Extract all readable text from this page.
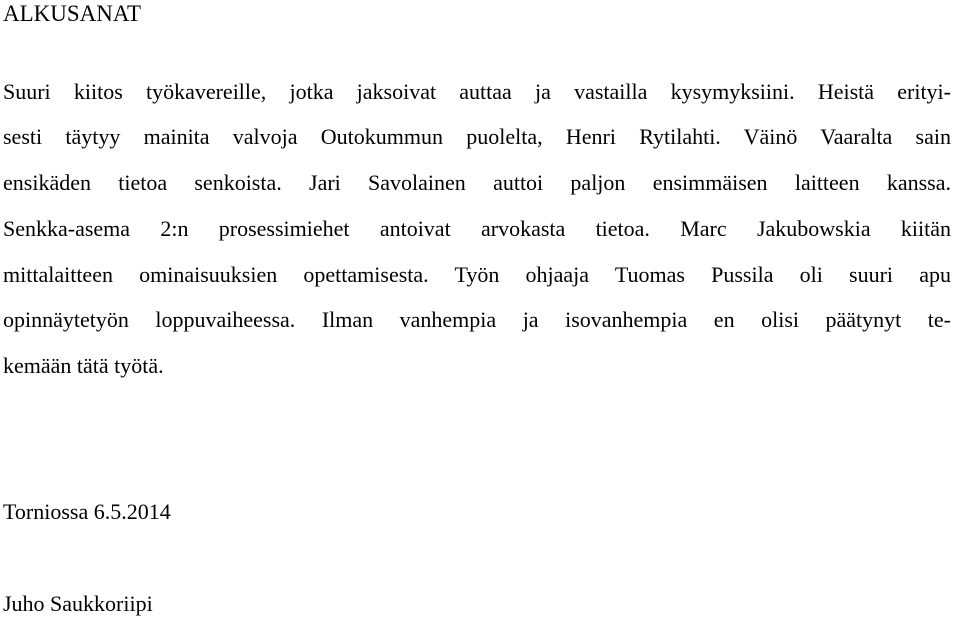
ALKUSANAT
Suuri kiitos työkavereille, jotka jaksoivat auttaa ja vastailla kysymyksiini. Heistä erityi-
sesti täytyy mainita valvoja Outokummun puolelta, Henri Rytilahti. Väinö Vaaralta sain
ensikäden tietoa senkoista. Jari Savolainen auttoi paljon ensimmäisen laitteen kanssa.
Senkka-asema 2:n prosessimiehet antoivat arvokasta tietoa. Marc Jakubowskia kiitän
mittalaitteen ominaisuuksien opettamisesta. Työn ohjaaja Tuomas Pussila oli suuri apu
opinnäytetyön loppuvaiheessa. Ilman vanhempia ja isovanhempia en olisi päätynyt te-
kemään tätä työtä.
Torniossa 6.5.2014
Juho Saukkoriipi
